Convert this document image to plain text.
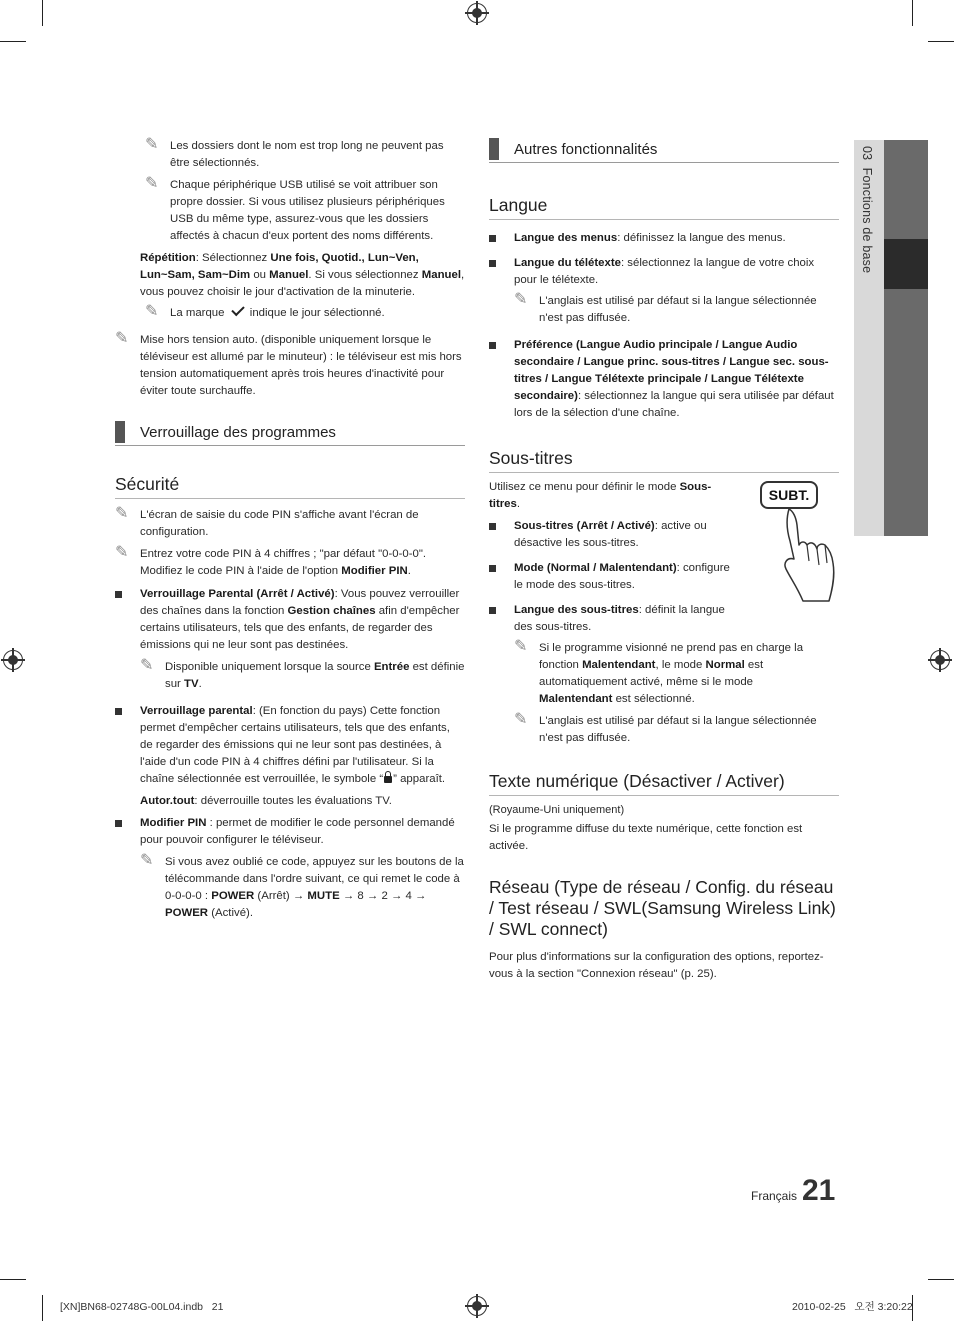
03  Fonctions de base
✎ Les dossiers dont le nom est trop long ne peuvent pas être sélectionnés.
✎ Chaque périphérique USB utilisé se voit attribuer son propre dossier. Si vous utilisez plusieurs périphériques USB du même type, assurez-vous que les dossiers affectés à chacun d'eux portent des noms différents.
Répétition: Sélectionnez Une fois, Quotid., Lun~Ven, Lun~Sam, Sam~Dim ou Manuel. Si vous sélectionnez Manuel, vous pouvez choisir le jour d'activation de la minuterie.
✎ La marque  indique le jour sélectionné.
✎ Mise hors tension auto. (disponible uniquement lorsque le téléviseur est allumé par le minuteur) : le téléviseur est mis hors tension automatiquement après trois heures d'inactivité pour éviter toute surchauffe.
Verrouillage des programmes
Sécurité
✎ L'écran de saisie du code PIN s'affiche avant l'écran de configuration.
✎ Entrez votre code PIN à 4 chiffres ; "par défaut "0-0-0-0". Modifiez le code PIN à l'aide de l'option Modifier PIN.
Verrouillage Parental (Arrêt / Activé): Vous pouvez verrouiller des chaînes dans la fonction Gestion chaînes afin d'empêcher certains utilisateurs, tels que des enfants, de regarder des émissions qui ne leur sont pas destinées.
✎ Disponible uniquement lorsque la source Entrée est définie sur TV.
Verrouillage parental: (En fonction du pays) Cette fonction permet d'empêcher certains utilisateurs, tels que des enfants, de regarder des émissions qui ne leur sont pas destinées, à l'aide d'un code PIN à 4 chiffres défini par l'utilisateur. Si la chaîne sélectionnée est verrouillée, le symbole “ ” apparaît.
Autor.tout: déverrouille toutes les évaluations TV.
Modifier PIN : permet de modifier le code personnel demandé pour pouvoir configurer le téléviseur.
✎ Si vous avez oublié ce code, appuyez sur les boutons de la télécommande dans l'ordre suivant, ce qui remet le code à 0-0-0-0 : POWER (Arrêt) → MUTE → 8 → 2 → 4 → POWER (Activé).
Autres fonctionnalités
Langue
Langue des menus: définissez la langue des menus.
Langue du télétexte: sélectionnez la langue de votre choix pour le télétexte.
✎ L'anglais est utilisé par défaut si la langue sélectionnée n'est pas diffusée.
Préférence (Langue Audio principale / Langue Audio secondaire / Langue princ. sous-titres / Langue sec. sous-titres / Langue Télétexte principale / Langue Télétexte secondaire): sélectionnez la langue qui sera utilisée par défaut lors de la sélection d'une chaîne.
Sous-titres
SUBT.
Utilisez ce menu pour définir le mode Sous-titres.
Sous-titres (Arrêt / Activé): active ou désactive les sous-titres.
Mode (Normal / Malentendant): configure le mode des sous-titres.
Langue des sous-titres: définit la langue des sous-titres.
✎ Si le programme visionné ne prend pas en charge la fonction Malentendant, le mode Normal est automatiquement activé, même si le mode Malentendant est sélectionné.
✎ L'anglais est utilisé par défaut si la langue sélectionnée n'est pas diffusée.
Texte numérique (Désactiver / Activer)

(Royaume-Uni uniquement)

Si le programme diffuse du texte numérique, cette fonction est activée.

Réseau (Type de réseau / Config. du réseau / Test réseau / SWL(Samsung Wireless Link) / SWL connect)

Pour plus d'informations sur la configuration des options, reportez-vous à la section "Connexion réseau" (p. 25).

Français 21
[XN]BN68-02748G-00L04.indb   21	2010-02-25   오전 3:20:22
